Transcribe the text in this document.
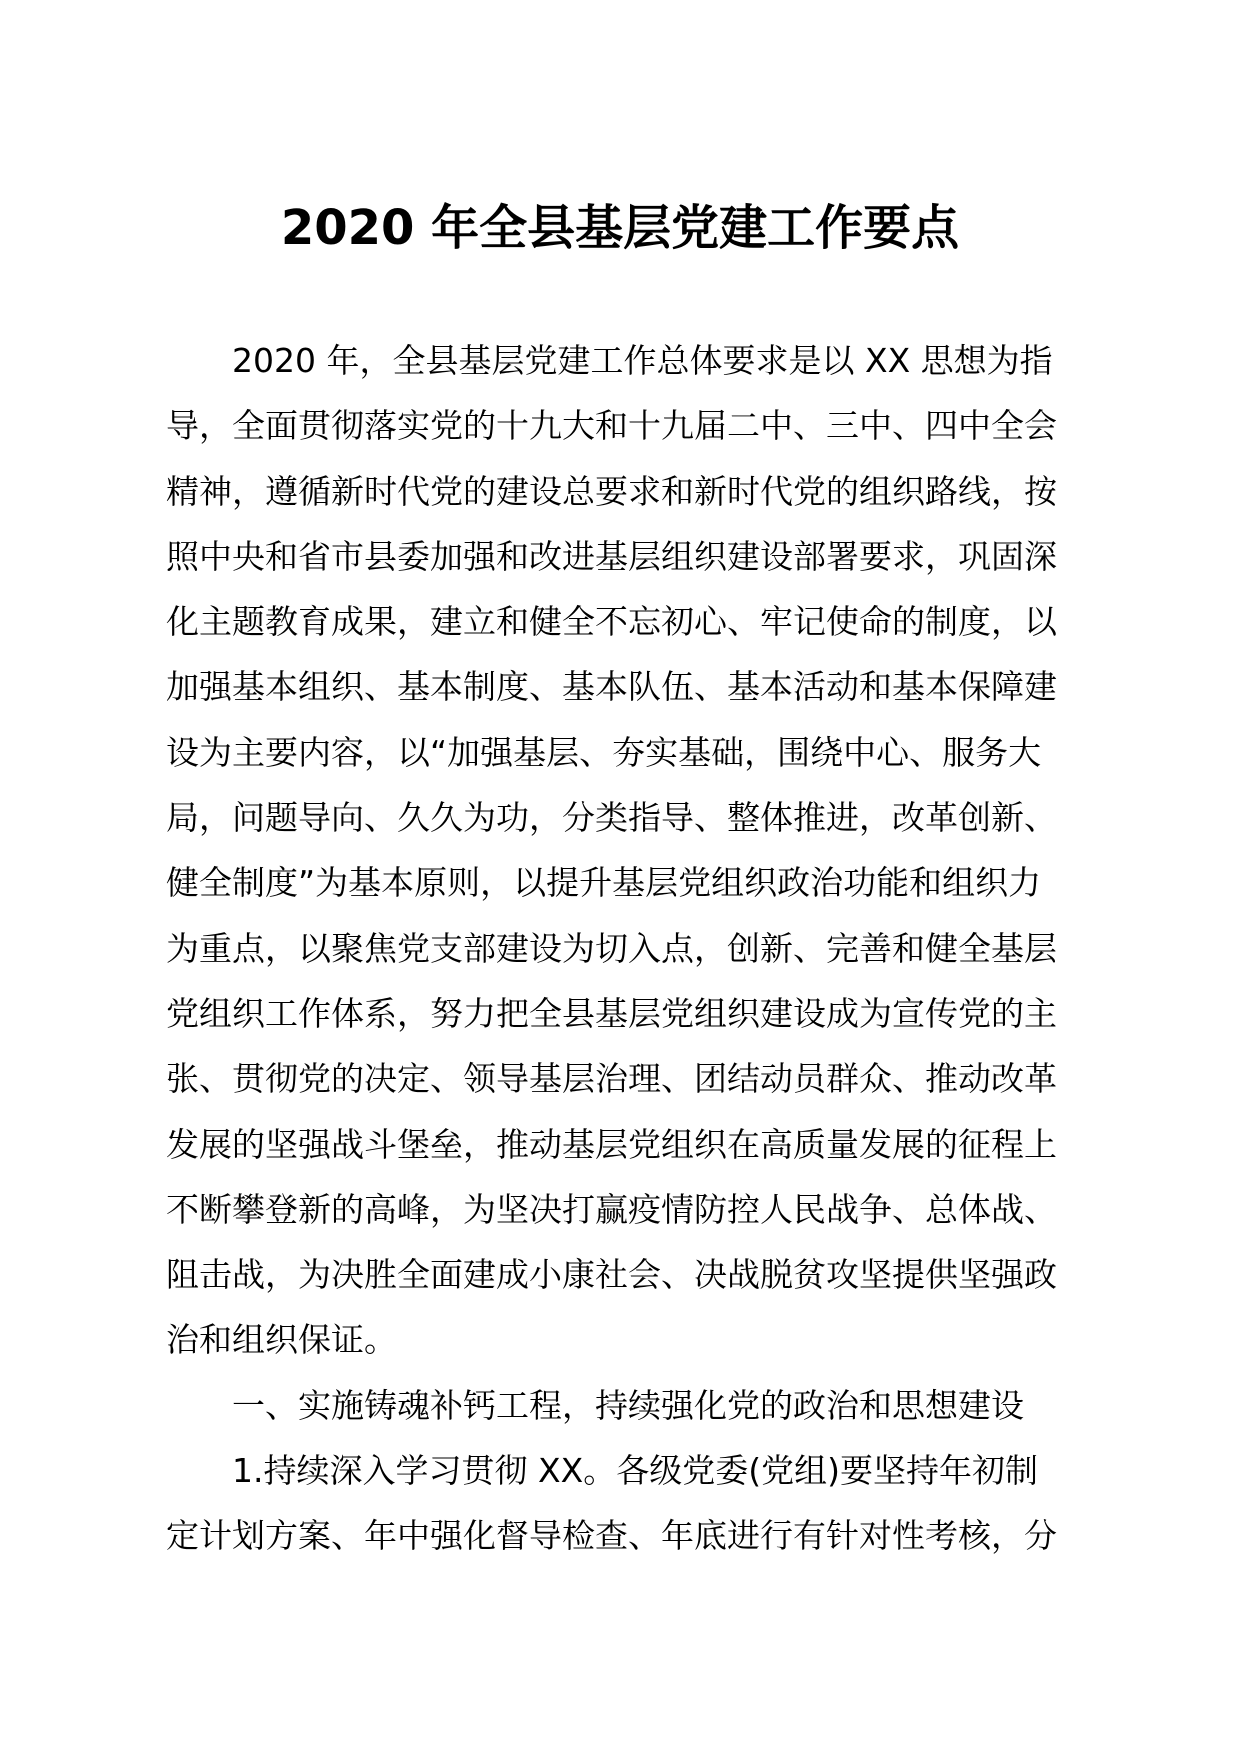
2020 年全县基层党建工作要点
2020 年，全县基层党建工作总体要求是以 XX 思想为指
导，全面贯彻落实党的十九大和十九届二中、三中、四中全会
精神，遵循新时代党的建设总要求和新时代党的组织路线，按
照中央和省市县委加强和改进基层组织建设部署要求，巩固深
化主题教育成果，建立和健全不忘初心、牢记使命的制度，以
加强基本组织、基本制度、基本队伍、基本活动和基本保障建
设为主要内容，以“加强基层、夯实基础，围绕中心、服务大
局，问题导向、久久为功，分类指导、整体推进，改革创新、
健全制度”为基本原则，以提升基层党组织政治功能和组织力
为重点，以聚焦党支部建设为切入点，创新、完善和健全基层
党组织工作体系，努力把全县基层党组织建设成为宣传党的主
张、贯彻党的决定、领导基层治理、团结动员群众、推动改革
发展的坚强战斗堡垒，推动基层党组织在高质量发展的征程上
不断攀登新的高峰，为坚决打赢疫情防控人民战争、总体战、
阻击战，为决胜全面建成小康社会、决战脱贫攻坚提供坚强政
治和组织保证。
一、实施铸魂补钙工程，持续强化党的政治和思想建设
1.持续深入学习贯彻 XX。各级党委(党组)要坚持年初制
定计划方案、年中强化督导检查、年底进行有针对性考核，分
